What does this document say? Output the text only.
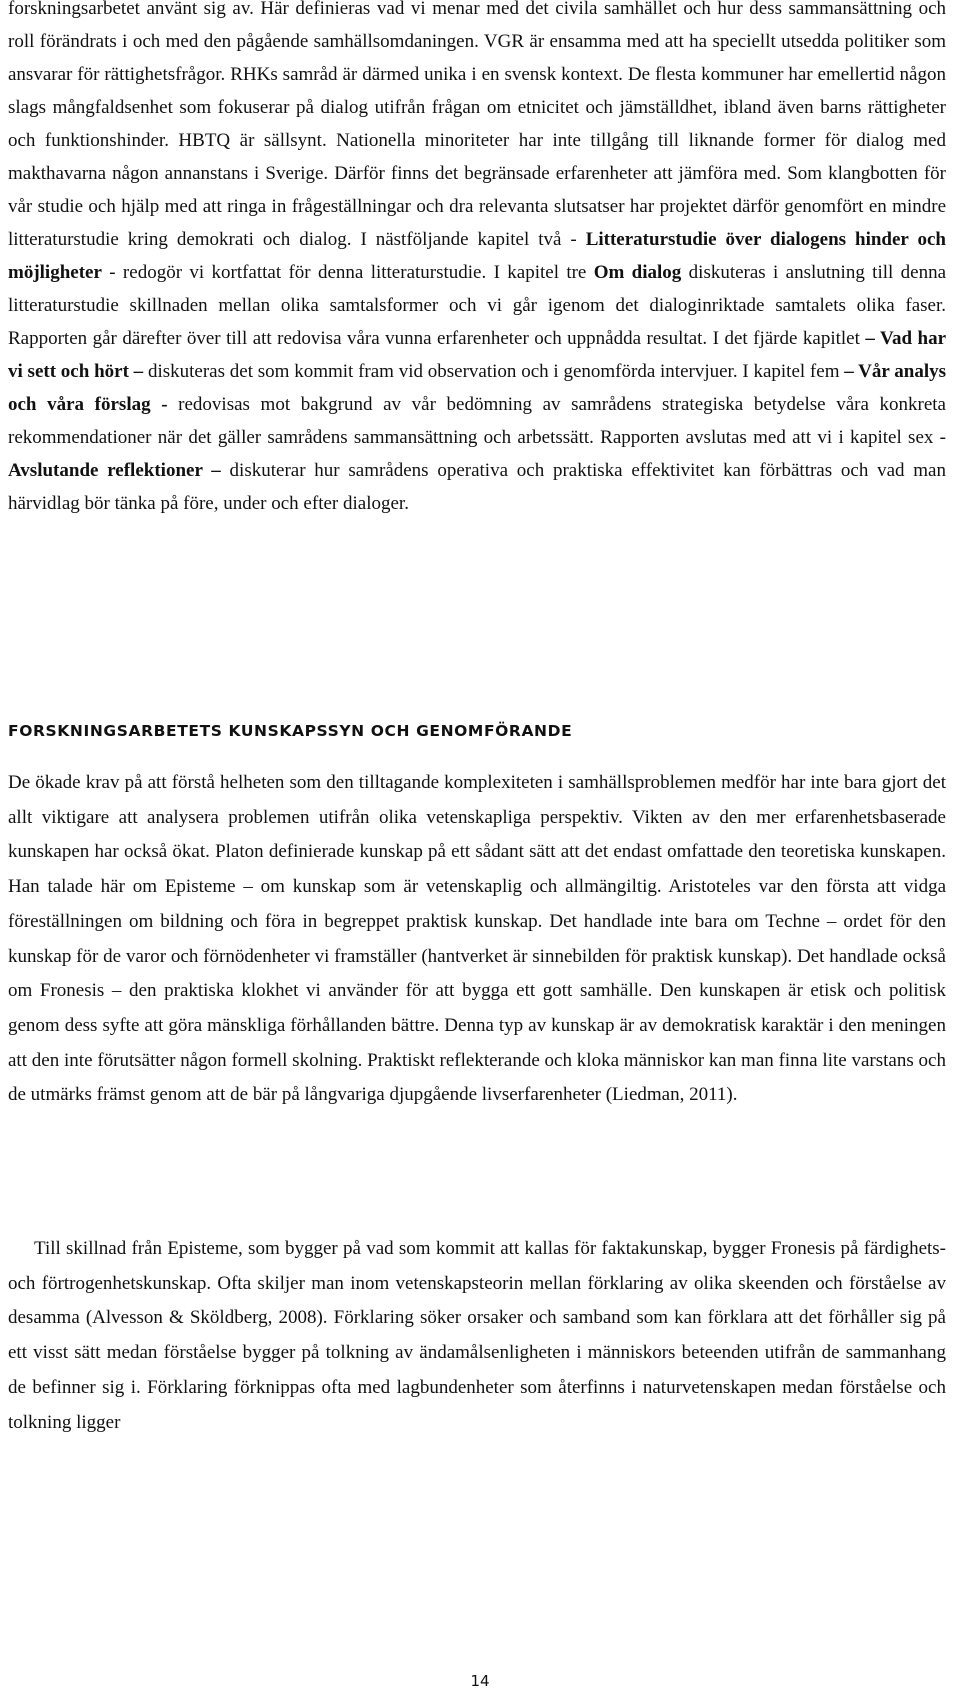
forskningsarbetet använt sig av. Här definieras vad vi menar med det civila samhället och hur dess sammansättning och roll förändrats i och med den pågående samhällsomdaningen. VGR är ensamma med att ha speciellt utsedda politiker som ansvarar för rättighetsfrågor. RHKs samråd är därmed unika i en svensk kontext. De flesta kommuner har emellertid någon slags mångfaldsenhet som fokuserar på dialog utifrån frågan om etnicitet och jämställdhet, ibland även barns rättigheter och funktionshinder. HBTQ är sällsynt. Nationella minoriteter har inte tillgång till liknande former för dialog med makthavarna någon annanstans i Sverige. Därför finns det begränsade erfarenheter att jämföra med. Som klangbotten för vår studie och hjälp med att ringa in frågeställningar och dra relevanta slutsatser har projektet därför genomfört en mindre litteraturstudie kring demokrati och dialog. I nästföljande kapitel två - Litteraturstudie över dialogens hinder och möjligheter - redogör vi kortfattat för denna litteraturstudie. I kapitel tre Om dialog diskuteras i anslutning till denna litteraturstudie skillnaden mellan olika samtalsformer och vi går igenom det dialoginriktade samtalets olika faser. Rapporten går därefter över till att redovisa våra vunna erfarenheter och uppnådda resultat. I det fjärde kapitlet – Vad har vi sett och hört – diskuteras det som kommit fram vid observation och i genomförda intervjuer. I kapitel fem – Vår analys och våra förslag - redovisas mot bakgrund av vår bedömning av samrådens strategiska betydelse våra konkreta rekommendationer när det gäller samrådens sammansättning och arbetssätt. Rapporten avslutas med att vi i kapitel sex - Avslutande reflektioner – diskuterar hur samrådens operativa och praktiska effektivitet kan förbättras och vad man härvidlag bör tänka på före, under och efter dialoger.

FORSKNINGSARBETETS KUNSKAPSSYN OCH GENOMFÖRANDE

De ökade krav på att förstå helheten som den tilltagande komplexiteten i samhällsproblemen medför har inte bara gjort det allt viktigare att analysera problemen utifrån olika vetenskapliga perspektiv. Vikten av den mer erfarenhetsbaserade kunskapen har också ökat. Platon definierade kunskap på ett sådant sätt att det endast omfattade den teoretiska kunskapen. Han talade här om Episteme – om kunskap som är vetenskaplig och allmängiltig. Aristoteles var den första att vidga föreställningen om bildning och föra in begreppet praktisk kunskap. Det handlade inte bara om Techne – ordet för den kunskap för de varor och förnödenheter vi framställer (hantverket är sinnebilden för praktisk kunskap). Det handlade också om Fronesis – den praktiska klokhet vi använder för att bygga ett gott samhälle. Den kunskapen är etisk och politisk genom dess syfte att göra mänskliga förhållanden bättre. Denna typ av kunskap är av demokratisk karaktär i den meningen att den inte förutsätter någon formell skolning. Praktiskt reflekterande och kloka människor kan man finna lite varstans och de utmärks främst genom att de bär på långvariga djupgående livserfarenheter (Liedman, 2011).

Till skillnad från Episteme, som bygger på vad som kommit att kallas för faktakunskap, bygger Fronesis på färdighets- och förtrogenhetskunskap. Ofta skiljer man inom vetenskapsteorin mellan förklaring av olika skeenden och förståelse av desamma (Alvesson & Sköldberg, 2008). Förklaring söker orsaker och samband som kan förklara att det förhåller sig på ett visst sätt medan förståelse bygger på tolkning av ändamålsenligheten i människors beteenden utifrån de sammanhang de befinner sig i. Förklaring förknippas ofta med lagbundenheter som återfinns i naturvetenskapen medan förståelse och tolkning ligger

14
